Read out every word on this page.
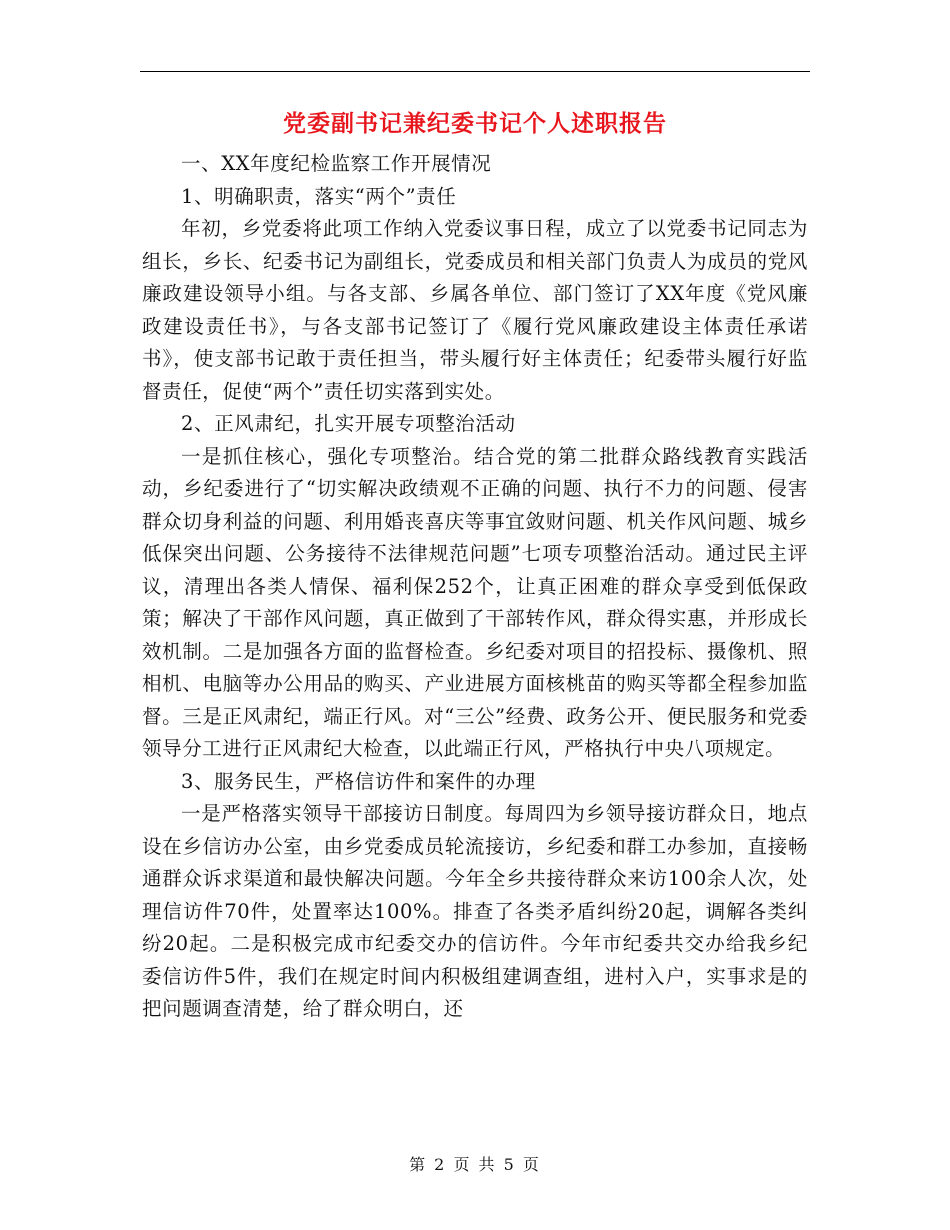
党委副书记兼纪委书记个人述职报告

一、XX年度纪检监察工作开展情况

1、明确职责，落实“两个”责任

年初，乡党委将此项工作纳入党委议事日程，成立了以党委书记同志为组长，乡长、纪委书记为副组长，党委成员和相关部门负责人为成员的党风廉政建设领导小组。与各支部、乡属各单位、部门签订了XX年度《党风廉政建设责任书》，与各支部书记签订了《履行党风廉政建设主体责任承诺书》，使支部书记敢于责任担当，带头履行好主体责任；纪委带头履行好监督责任，促使“两个”责任切实落到实处。

2、正风肃纪，扎实开展专项整治活动

一是抓住核心，强化专项整治。结合党的第二批群众路线教育实践活动，乡纪委进行了“切实解决政绩观不正确的问题、执行不力的问题、侵害群众切身利益的问题、利用婚丧喜庆等事宜敛财问题、机关作风问题、城乡低保突出问题、公务接待不法律规范问题”七项专项整治活动。通过民主评议，清理出各类人情保、福利保252个，让真正困难的群众享受到低保政策；解决了干部作风问题，真正做到了干部转作风，群众得实惠，并形成长效机制。二是加强各方面的监督检查。乡纪委对项目的招投标、摄像机、照相机、电脑等办公用品的购买、产业进展方面核桃苗的购买等都全程参加监督。三是正风肃纪，端正行风。对“三公”经费、政务公开、便民服务和党委领导分工进行正风肃纪大检查，以此端正行风，严格执行中央八项规定。

3、服务民生，严格信访件和案件的办理

一是严格落实领导干部接访日制度。每周四为乡领导接访群众日，地点设在乡信访办公室，由乡党委成员轮流接访，乡纪委和群工办参加，直接畅通群众诉求渠道和最快解决问题。今年全乡共接待群众来访100余人次，处理信访件70件，处置率达100%。排查了各类矛盾纠纷20起，调解各类纠纷20起。二是积极完成市纪委交办的信访件。今年市纪委共交办给我乡纪委信访件5件，我们在规定时间内积极组建调查组，进村入户，实事求是的把问题调查清楚，给了群众明白，还

第 2 页 共 5 页
